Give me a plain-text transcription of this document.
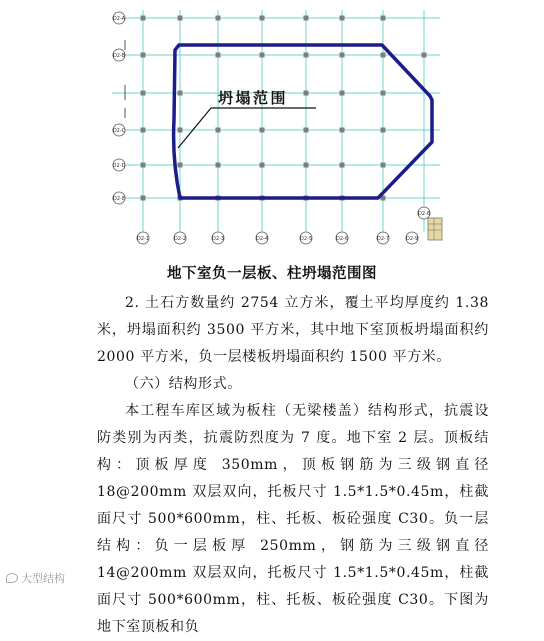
坍塌范围
D2-1	D2-2	D2-3	D2-4	D2-5	D2-6	D2-7
D2-8
D2-9
D2-A
D2-B
D2-C
D2-D
D2-E
地下室负一层板、柱坍塌范围图

2. 土石方数量约 2754 立方米，覆土平均厚度约 1.38 米，坍塌面积约 3500 平方米，其中地下室顶板坍塌面积约 2000 平方米，负一层楼板坍塌面积约 1500 平方米。

（六）结构形式。

本工程车库区域为板柱（无梁楼盖）结构形式，抗震设防类别为丙类，抗震防烈度为 7 度。地下室 2 层。顶板结构：顶板厚度 350mm，顶板钢筋为三级钢直径 18@200mm 双层双向，托板尺寸 1.5*1.5*0.45m，柱截面尺寸 500*600mm，柱、托板、板砼强度 C30。负一层结构：负一层板厚 250mm，钢筋为三级钢直径 14@200mm 双层双向，托板尺寸 1.5*1.5*0.45m，柱截面尺寸 500*600mm，柱、托板、板砼强度 C30。下图为地下室顶板和负

大型结构
